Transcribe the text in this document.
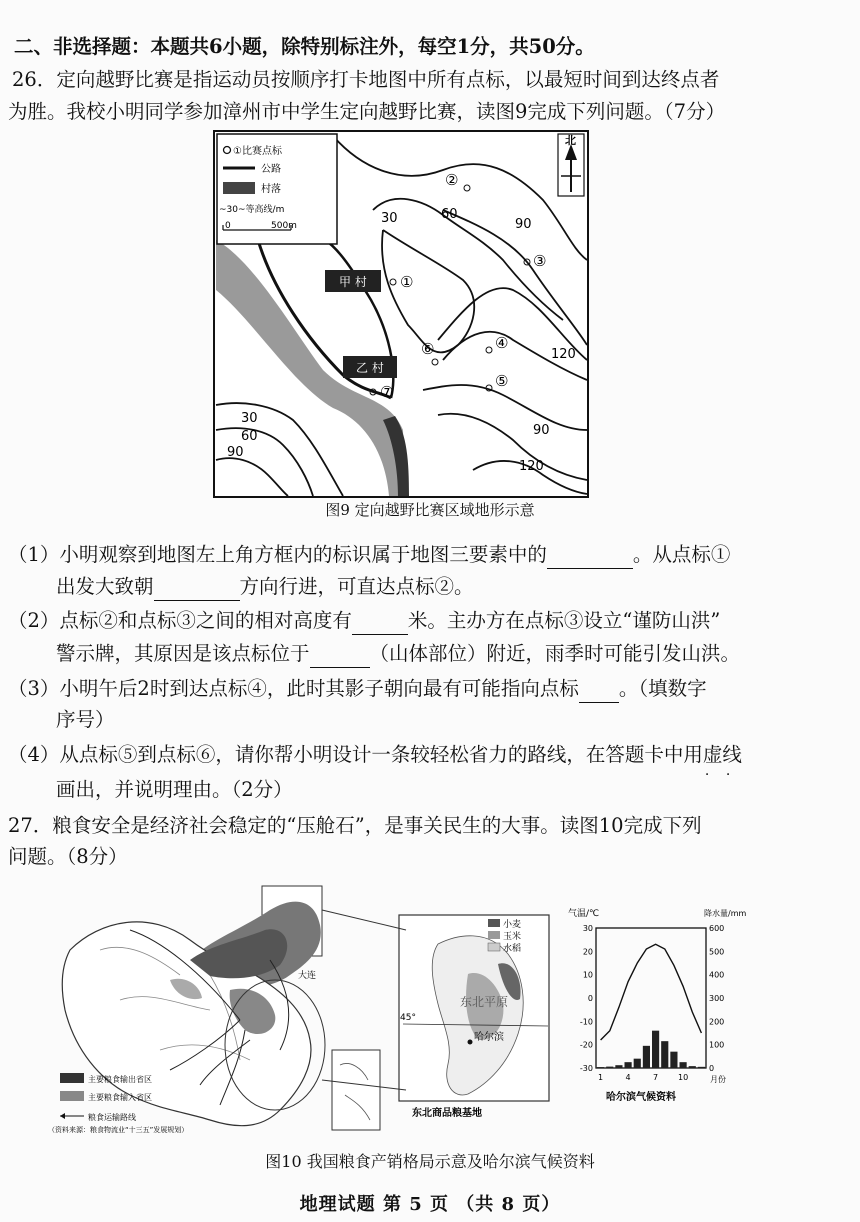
二、非选择题：本题共6小题，除特别标注外，每空1分，共50分。
26．定向越野比赛是指运动员按顺序打卡地图中所有点标，以最短时间到达终点者
为胜。我校小明同学参加漳州市中学生定向越野比赛，读图9完成下列问题。（7分）
30	60
90
120
30
60
90
90
120
①比赛点标
公路
村落
~30~等高线/m
0	500m
北
甲 村
乙 村
河
流
①
②
③
④
⑤
⑥
⑦
图9 定向越野比赛区域地形示意
（1）小明观察到地图左上角方框内的标识属于地图三要素中的	。从点标①
出发大致朝	方向行进，可直达点标②。
（2）点标②和点标③之间的相对高度有	米。主办方在点标③设立“谨防山洪”
警示牌，其原因是该点标位于	（山体部位）附近，雨季时可能引发山洪。
（3）小明午后2时到达点标④，此时其影子朝向最有可能指向点标 。（填数字
序号）
（4）从点标⑤到点标⑥，请你帮小明设计一条较轻松省力的路线，在答题卡中用虚线 · ·
画出，并说明理由。（2分）
27．粮食安全是经济社会稳定的“压舱石”，是事关民生的大事。读图10完成下列
问题。（8分）
大连
主要粮食输出省区
主要粮食输入省区
粮食运输路线
（资料来源：粮食物流业“十三五”发展规划）
小麦
玉米
水稻
哈尔滨
45°
东北平原
东北商品粮基地
气温/℃	降水量/mm
30
20
10
0
-10
-20
-30
600
500
400
300
200
100
0
1	4	7 10	月份
哈尔滨气候资料
图10 我国粮食产销格局示意及哈尔滨气候资料
地理试题 第 5 页 （共 8 页）
